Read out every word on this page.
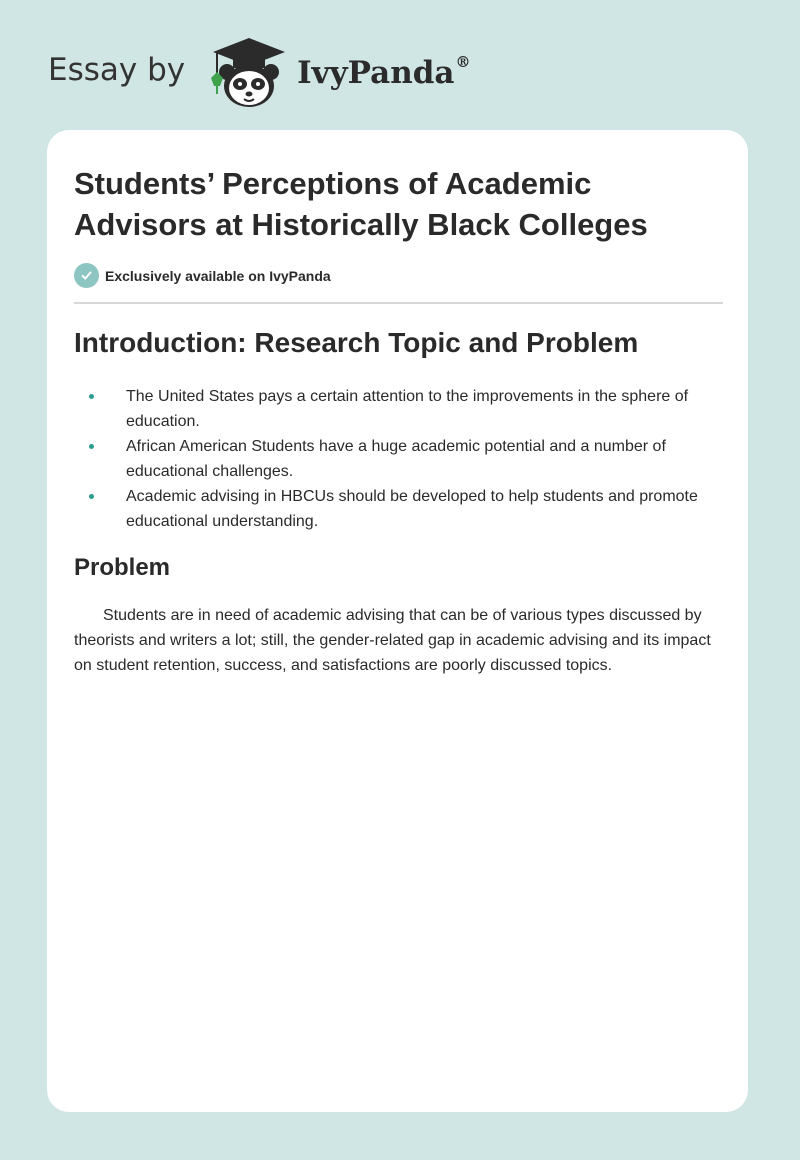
Essay by	IvyPanda®
Students’ Perceptions of Academic Advisors at Historically Black Colleges
Exclusively available on IvyPanda
Introduction: Research Topic and Problem
The United States pays a certain attention to the improvements in the sphere of education.
African American Students have a huge academic potential and a number of educational challenges.
Academic advising in HBCUs should be developed to help students and promote educational understanding.
Problem

Students are in need of academic advising that can be of various types discussed by theorists and writers a lot; still, the gender-related gap in academic advising and its impact on student retention, success, and satisfactions are poorly discussed topics.
